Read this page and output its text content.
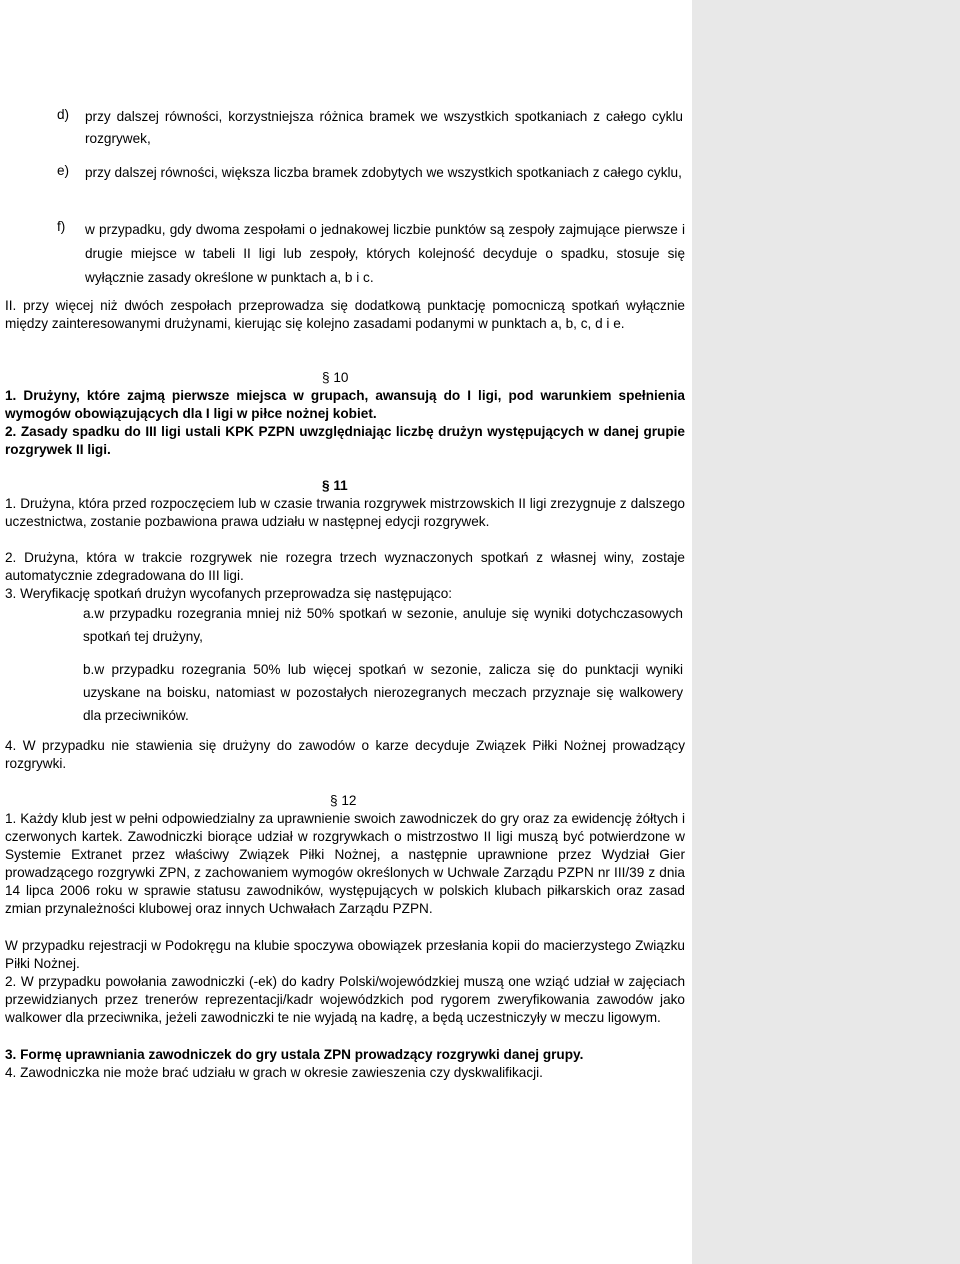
d) przy dalszej równości, korzystniejsza różnica bramek we wszystkich spotkaniach z całego cyklu rozgrywek,
e) przy dalszej równości, większa liczba bramek zdobytych we wszystkich spotkaniach z całego cyklu,
f) w przypadku, gdy dwoma zespołami o jednakowej liczbie punktów są zespoły zajmujące pierwsze i drugie miejsce w tabeli II ligi lub zespoły, których kolejność decyduje o spadku, stosuje się wyłącznie zasady określone w punktach a, b i c.
II. przy więcej niż dwóch zespołach przeprowadza się dodatkową punktację pomocniczą spotkań wyłącznie między zainteresowanymi drużynami, kierując się kolejno zasadami podanymi w punktach a, b, c, d i e.
§ 10
1. Drużyny, które zajmą pierwsze miejsca w grupach, awansują do I ligi, pod warunkiem spełnienia wymogów obowiązujących dla I ligi w piłce nożnej kobiet.
2. Zasady spadku do III ligi ustali KPK PZPN uwzględniając liczbę drużyn występujących w danej grupie rozgrywek II ligi.
§ 11
1. Drużyna, która przed rozpoczęciem lub w czasie trwania rozgrywek mistrzowskich II ligi zrezygnuje z dalszego uczestnictwa, zostanie pozbawiona prawa udziału w następnej edycji rozgrywek.
2. Drużyna, która w trakcie rozgrywek nie rozegra trzech wyznaczonych spotkań z własnej winy, zostaje automatycznie zdegradowana do III ligi.
3. Weryfikację spotkań drużyn wycofanych przeprowadza się następująco:
a.w przypadku rozegrania mniej niż 50% spotkań w sezonie, anuluje się wyniki dotychczasowych spotkań tej drużyny,
b.w przypadku rozegrania 50% lub więcej spotkań w sezonie, zalicza się do punktacji wyniki uzyskane na boisku, natomiast w pozostałych nierozegranych meczach przyznaje się walkowery dla przeciwników.
4. W przypadku nie stawienia się drużyny do zawodów o karze decyduje Związek Piłki Nożnej prowadzący rozgrywki.
§ 12
1. Każdy klub jest w pełni odpowiedzialny za uprawnienie swoich zawodniczek do gry oraz za ewidencję żółtych i czerwonych kartek. Zawodniczki biorące udział w rozgrywkach o mistrzostwo II ligi muszą być potwierdzone w Systemie Extranet przez właściwy Związek Piłki Nożnej, a następnie uprawnione przez Wydział Gier prowadzącego rozgrywki ZPN, z zachowaniem wymogów określonych w Uchwale Zarządu PZPN nr III/39 z dnia 14 lipca 2006 roku w sprawie statusu zawodników, występujących w polskich klubach piłkarskich oraz zasad zmian przynależności klubowej oraz innych Uchwałach Zarządu PZPN.
W przypadku rejestracji w Podokręgu na klubie spoczywa obowiązek przesłania kopii do macierzystego Związku Piłki Nożnej.
2. W przypadku powołania zawodniczki (-ek) do kadry Polski/wojewódzkiej muszą one wziąć udział w zajęciach przewidzianych przez trenerów reprezentacji/kadr wojewódzkich pod rygorem zweryfikowania zawodów jako walkower dla przeciwnika, jeżeli zawodniczki te nie wyjadą na kadrę, a będą uczestniczyły w meczu ligowym.
3. Formę uprawniania zawodniczek do gry ustala ZPN prowadzący rozgrywki danej grupy.
4. Zawodniczka nie może brać udziału w grach w okresie zawieszenia czy dyskwalifikacji.
